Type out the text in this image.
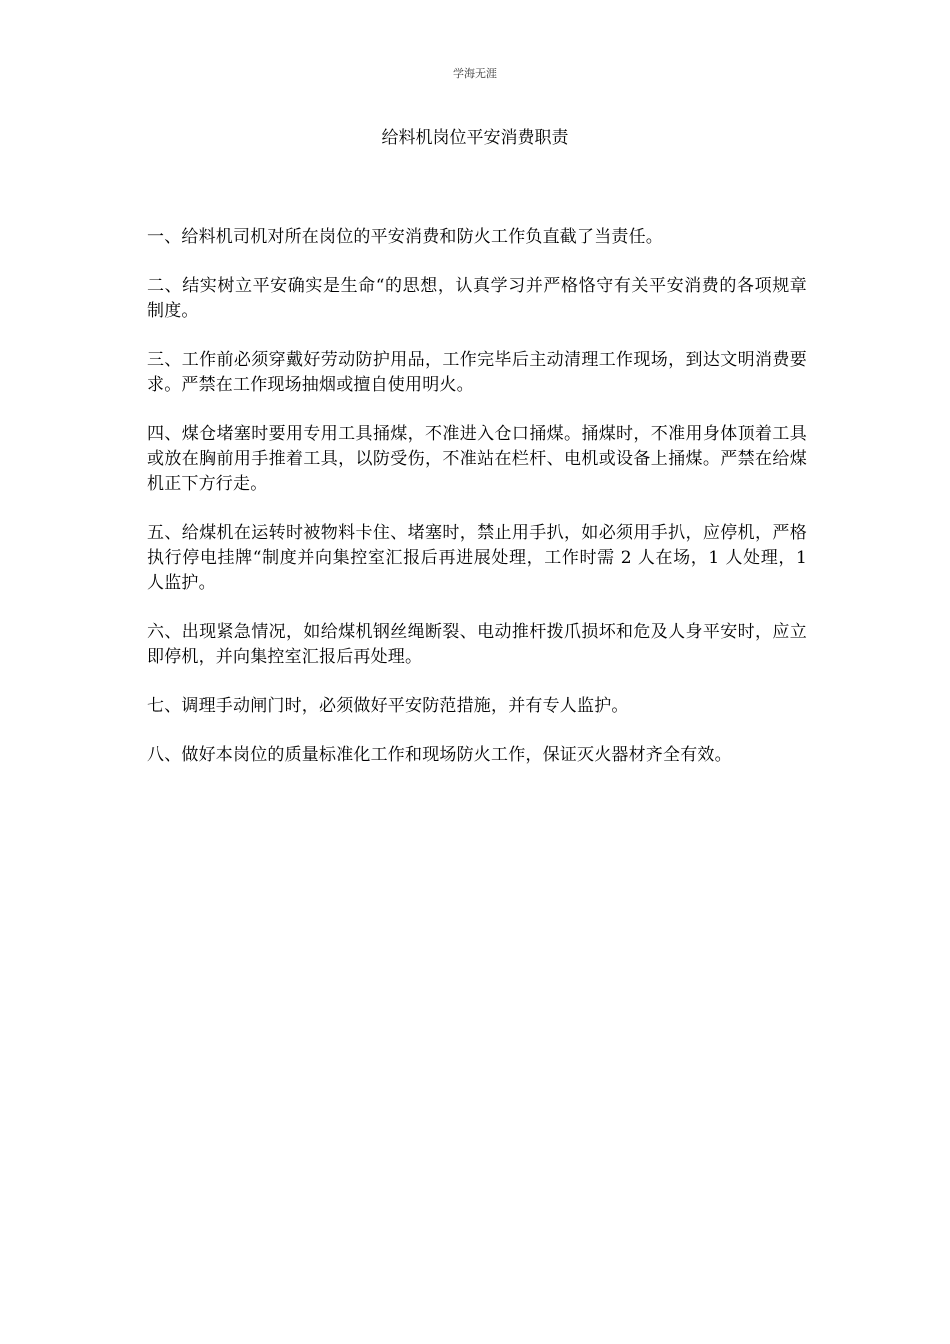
学海无涯
给料机岗位平安消费职责

一、给料机司机对所在岗位的平安消费和防火工作负直截了当责任。

二、结实树立平安确实是生命“的思想，认真学习并严格恪守有关平安消费的各项规章制度。

三、工作前必须穿戴好劳动防护用品，工作完毕后主动清理工作现场，到达文明消费要求。严禁在工作现场抽烟或擅自使用明火。

四、煤仓堵塞时要用专用工具捅煤，不准进入仓口捅煤。捅煤时，不准用身体顶着工具或放在胸前用手推着工具，以防受伤，不准站在栏杆、电机或设备上捅煤。严禁在给煤机正下方行走。

五、给煤机在运转时被物料卡住、堵塞时，禁止用手扒，如必须用手扒，应停机，严格执行停电挂牌“制度并向集控室汇报后再进展处理，工作时需 2 人在场，1 人处理，1 人监护。

六、出现紧急情况，如给煤机钢丝绳断裂、电动推杆拨爪损坏和危及人身平安时，应立即停机，并向集控室汇报后再处理。

七、调理手动闸门时，必须做好平安防范措施，并有专人监护。

八、做好本岗位的质量标准化工作和现场防火工作，保证灭火器材齐全有效。
